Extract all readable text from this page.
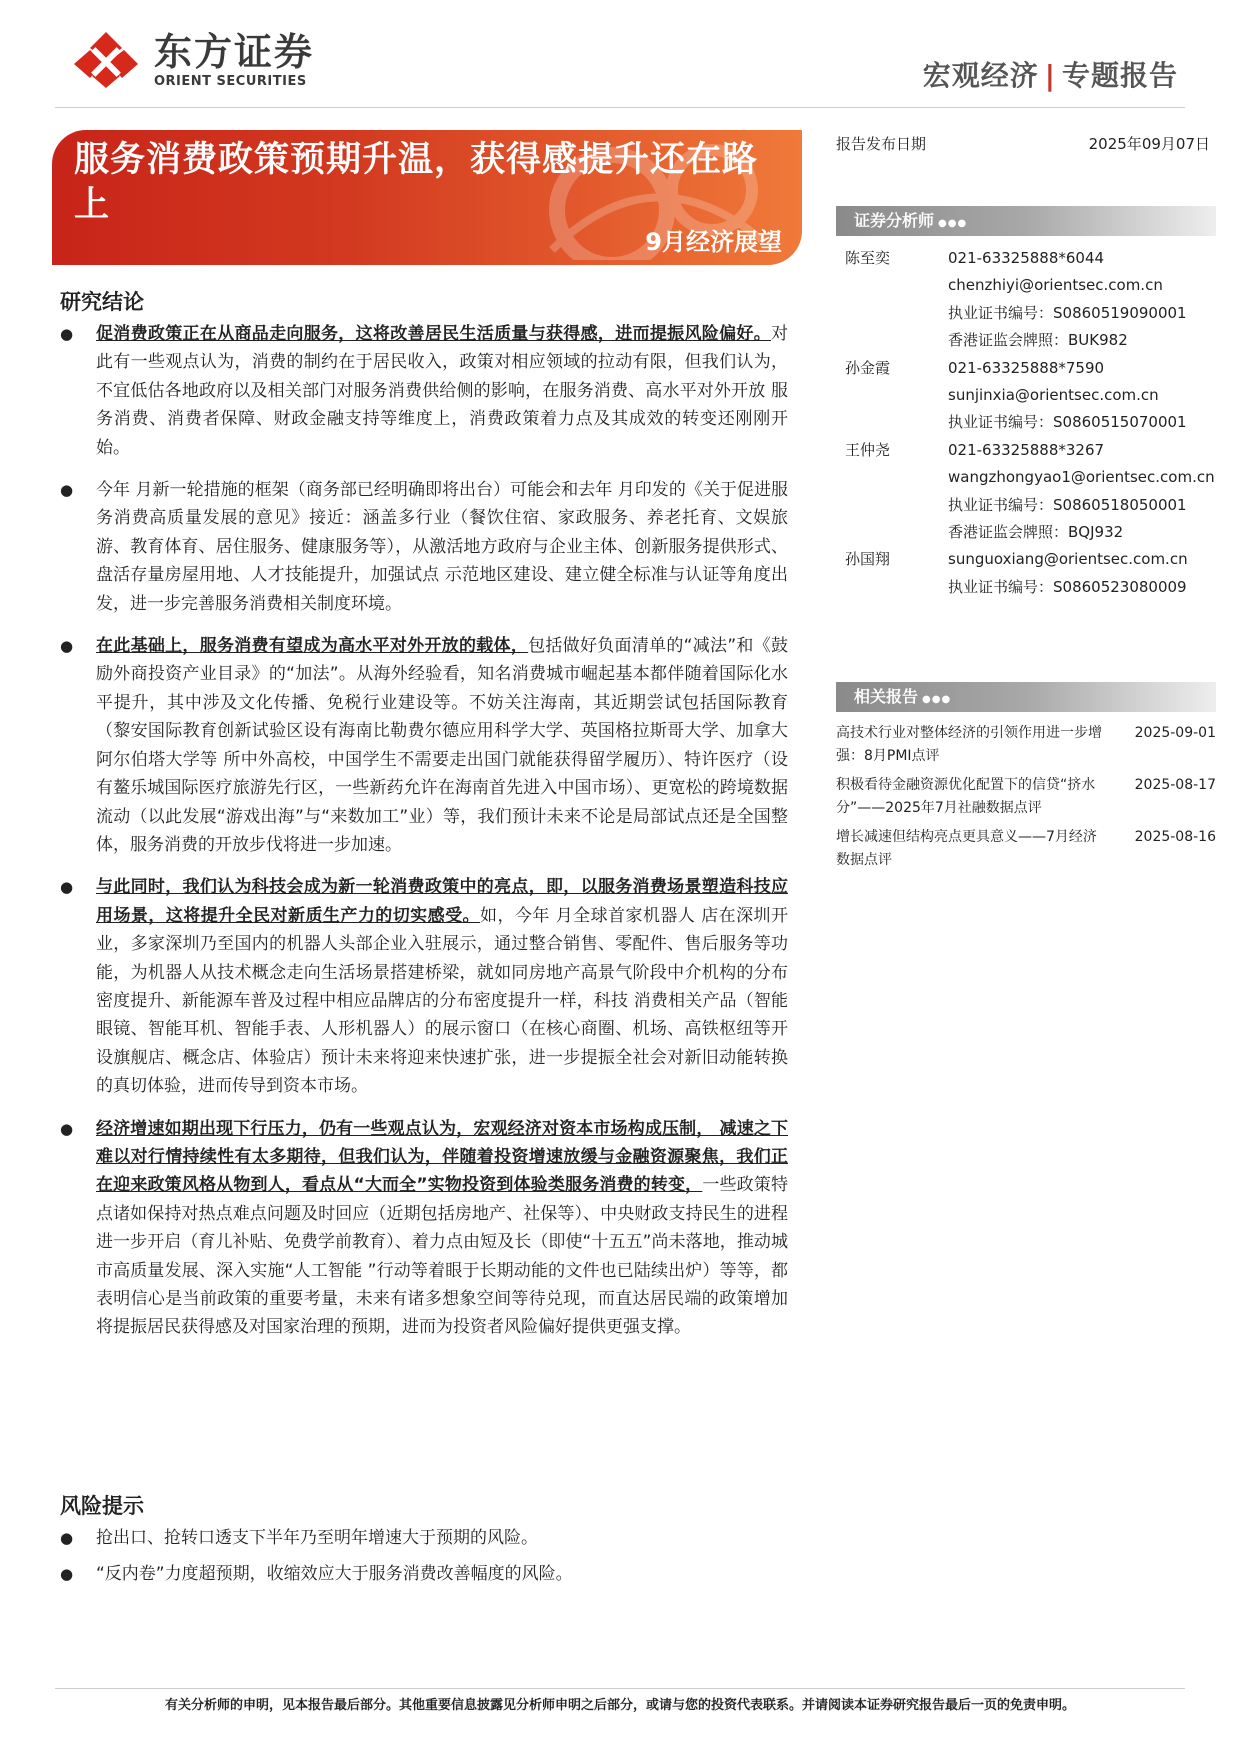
东方证券
ORIENT SECURITIES	宏观经济 | 专题报告
服务消费政策预期升温，获得感提升还在路上
9月经济展望
报告发布日期	2025年09月07日
证券分析师 ●●●
陈至奕	021-63325888*6044
chenzhiyi@orientsec.com.cn
执业证书编号：S0860519090001
香港证监会牌照：BUK982
孙金霞	021-63325888*7590
sunjinxia@orientsec.com.cn
执业证书编号：S0860515070001
王仲尧	021-63325888*3267
wangzhongyao1@orientsec.com.cn
执业证书编号：S0860518050001
香港证监会牌照：BQJ932
孙国翔	sunguoxiang@orientsec.com.cn
执业证书编号：S0860523080009
相关报告 ●●●
高技术行业对整体经济的引领作用进一步增强：8月PMI点评
2025-09-01
积极看待金融资源优化配置下的信贷“挤水分”——2025年7月社融数据点评
2025-08-17
增长减速但结构亮点更具意义——7月经济数据点评
2025-08-16
研究结论
● 促消费政策正在从商品走向服务，这将改善居民生活质量与获得感，进而提振风险偏好。对此有一些观点认为，消费的制约在于居民收入，政策对相应领域的拉动有限，但我们认为，不宜低估各地政府以及相关部门对服务消费供给侧的影响，在服务消费、高水平对外开放 服务消费、消费者保障、财政金融支持等维度上，消费政策着力点及其成效的转变还刚刚开始。
● 今年 月新一轮措施的框架（商务部已经明确即将出台）可能会和去年 月印发的《关于促进服务消费高质量发展的意见》接近：涵盖多行业（餐饮住宿、家政服务、养老托育、文娱旅游、教育体育、居住服务、健康服务等），从激活地方政府与企业主体、创新服务提供形式、盘活存量房屋用地、人才技能提升，加强试点 示范地区建设、建立健全标准与认证等角度出发，进一步完善服务消费相关制度环境。
● 在此基础上，服务消费有望成为高水平对外开放的载体，包括做好负面清单的“减法”和《鼓励外商投资产业目录》的“加法”。从海外经验看，知名消费城市崛起基本都伴随着国际化水平提升，其中涉及文化传播、免税行业建设等。不妨关注海南，其近期尝试包括国际教育（黎安国际教育创新试验区设有海南比勒费尔德应用科学大学、英国格拉斯哥大学、加拿大阿尔伯塔大学等 所中外高校，中国学生不需要走出国门就能获得留学履历）、特许医疗（设有鳌乐城国际医疗旅游先行区，一些新药允许在海南首先进入中国市场）、更宽松的跨境数据流动（以此发展“游戏出海”与“来数加工”业）等，我们预计未来不论是局部试点还是全国整体，服务消费的开放步伐将进一步加速。
● 与此同时，我们认为科技会成为新一轮消费政策中的亮点，即，以服务消费场景塑造科技应用场景，这将提升全民对新质生产力的切实感受。如，今年 月全球首家机器人 店在深圳开业，多家深圳乃至国内的机器人头部企业入驻展示，通过整合销售、零配件、售后服务等功能，为机器人从技术概念走向生活场景搭建桥梁，就如同房地产高景气阶段中介机构的分布密度提升、新能源车普及过程中相应品牌店的分布密度提升一样，科技 消费相关产品（智能眼镜、智能耳机、智能手表、人形机器人）的展示窗口（在核心商圈、机场、高铁枢纽等开设旗舰店、概念店、体验店）预计未来将迎来快速扩张，进一步提振全社会对新旧动能转换的真切体验，进而传导到资本市场。
● 经济增速如期出现下行压力，仍有一些观点认为，宏观经济对资本市场构成压制， 减速之下难以对行情持续性有太多期待，但我们认为，伴随着投资增速放缓与金融资源聚焦，我们正在迎来政策风格从物到人，看点从“大而全”实物投资到体验类服务消费的转变，一些政策特点诸如保持对热点难点问题及时回应（近期包括房地产、社保等）、中央财政支持民生的进程进一步开启（育儿补贴、免费学前教育）、着力点由短及长（即使“十五五”尚未落地，推动城市高质量发展、深入实施“人工智能 ”行动等着眼于长期动能的文件也已陆续出炉）等等，都表明信心是当前政策的重要考量，未来有诸多想象空间等待兑现，而直达居民端的政策增加将提振居民获得感及对国家治理的预期，进而为投资者风险偏好提供更强支撑。
风险提示
● 抢出口、抢转口透支下半年乃至明年增速大于预期的风险。
● “反内卷”力度超预期，收缩效应大于服务消费改善幅度的风险。
有关分析师的申明，见本报告最后部分。其他重要信息披露见分析师申明之后部分，或请与您的投资代表联系。并请阅读本证券研究报告最后一页的免责申明。
